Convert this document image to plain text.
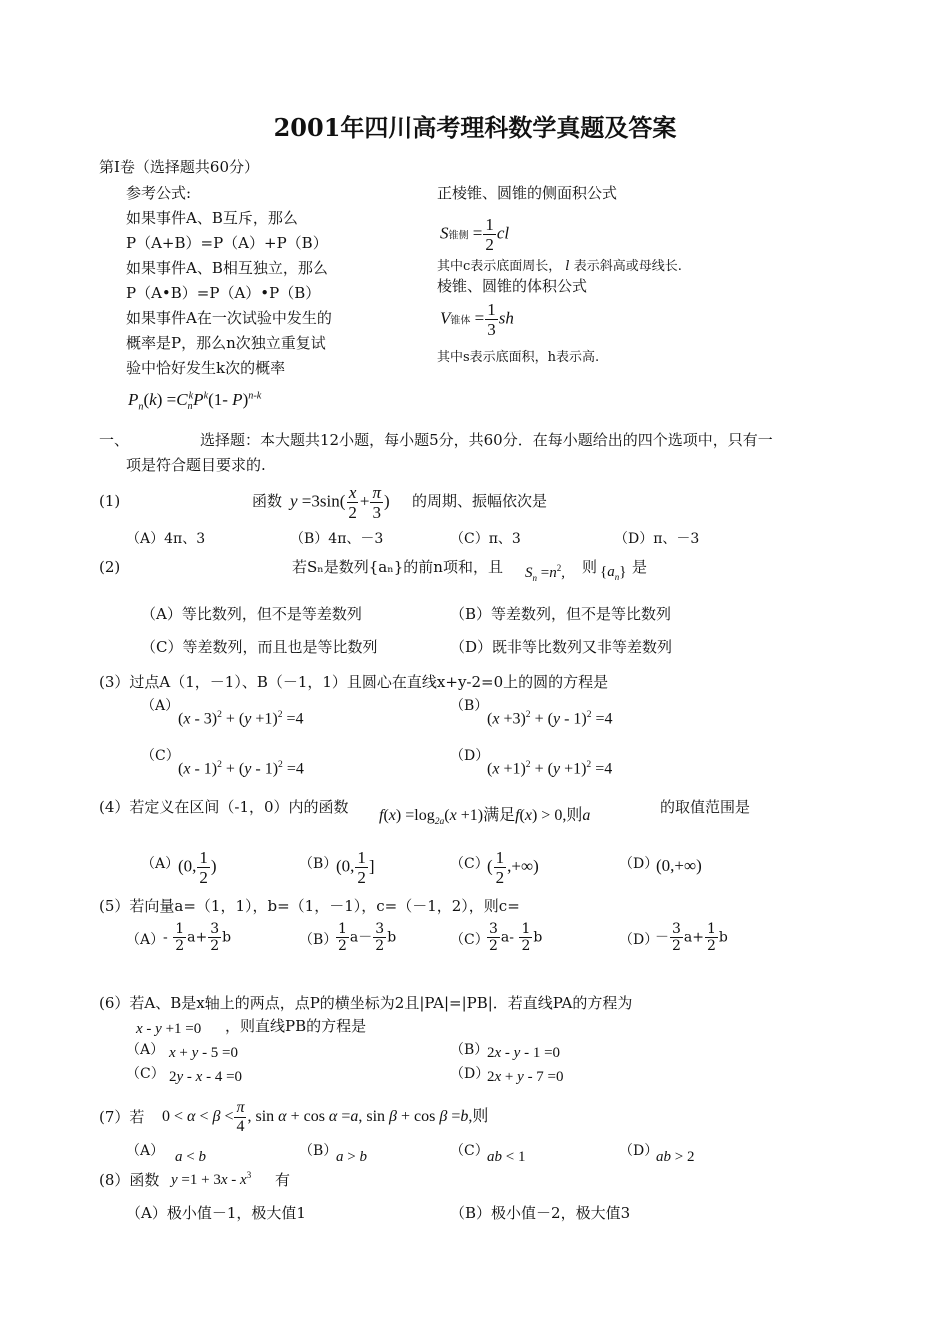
2001年四川高考理科数学真题及答案
第Ⅰ卷（选择题共60分）
参考公式:
如果事件A、B互斥，那么
P（A+B）=P（A）+P（B）
如果事件A、B相互独立，那么
P（A•B）=P（A）•P（B）
如果事件A在一次试验中发生的
概率是P，那么n次独立重复试
验中恰好发生k次的概率
$P_n(k) =C_n^kP^k(1-$ P)$^{n-k}$
正棱锥、圆锥的侧面积公式
S锥侧 = $\frac{1}{2}$ cl
其中c表示底面周长， l 表示斜高或母线长.
棱锥、圆锥的体积公式
V锥体 = $\frac{1}{3}$ sh
其中s表示底面积，h表示高.
一、	选择题：本大题共12小题，每小题5分，共60分．在每小题给出的四个选项中，只有一
项是符合题目要求的.
(1)	函数 $y =3\sin( \frac{x}{2} + \frac{\pi}{3}$ ) 的周期、振幅依次是
（A）4π、3	（B）4π、－3	（C）π、3	（D）π、－3
(2)	若Sₙ是数列{aₙ}的前n项和，且 $S_n =n^2$, 则 $\{a_n\}$ 是
（A）等比数列，但不是等差数列	（B）等差数列，但不是等比数列
（C）等差数列，而且也是等比数列	（D）既非等比数列又非等差数列
(3）过点A（1，－1）、B（－1，1）且圆心在直线x+y-2=0上的圆的方程是
（A）
$(x - 3)^2 + (y +1)^2 =4$
（B）
$(x +3)^2 + (y - 1)^2 =4$
（C）
(x - 1)$^2$ + (y - 1)$^2$ =4
（D）
$(x +1)^2 + (y +1)^2 =4$
(4）若定义在区间（-1，0）内的函数 $f(x) =\log_{2a}(x +1)$满足f(x) > 0,则a	的取值范围是
（A）
(0, $\frac{1}{2}$ )	（B）
(0, $\frac{1}{2}$ ]	（C）
( $\frac{1}{2}$ ,+∞)	（D）
(0,+∞)
(5）若向量a=（1，1），b=（1，－1），c=（－1，2），则c=
（A）
- $\frac{1}{2} a+ \frac{3}{2}$ b	（B）
$\frac{1}{2} a- \frac{3}{2}$ b	（C）
$\frac{3}{2} a- \frac{1}{2}$ b	（D）
－ $\frac{3}{2} a+ \frac{1}{2}$ b
(6）若A、B是x轴上的两点，点P的横坐标为2且|PA|=|PB|．若直线PA的方程为
x - y +1 =0 ，则直线PB的方程是
（A） x + y - 5 =0	（B）
2x - y - 1 =0
（C） 2y - x - 4 =0	（D）
2x + y - 7 =0
(7）若 $0 < \alpha < \beta < \frac{\pi}{4}$ , sin α + cos α =a, sin β + cos β =b,则
（A） a < b	（B）
a > b	（C）
ab < 1	（D）
ab > 2
(8）函数 $y =1 + 3x - x^3$ 有
（A）极小值－1，极大值1	（B）极小值－2，极大值3
